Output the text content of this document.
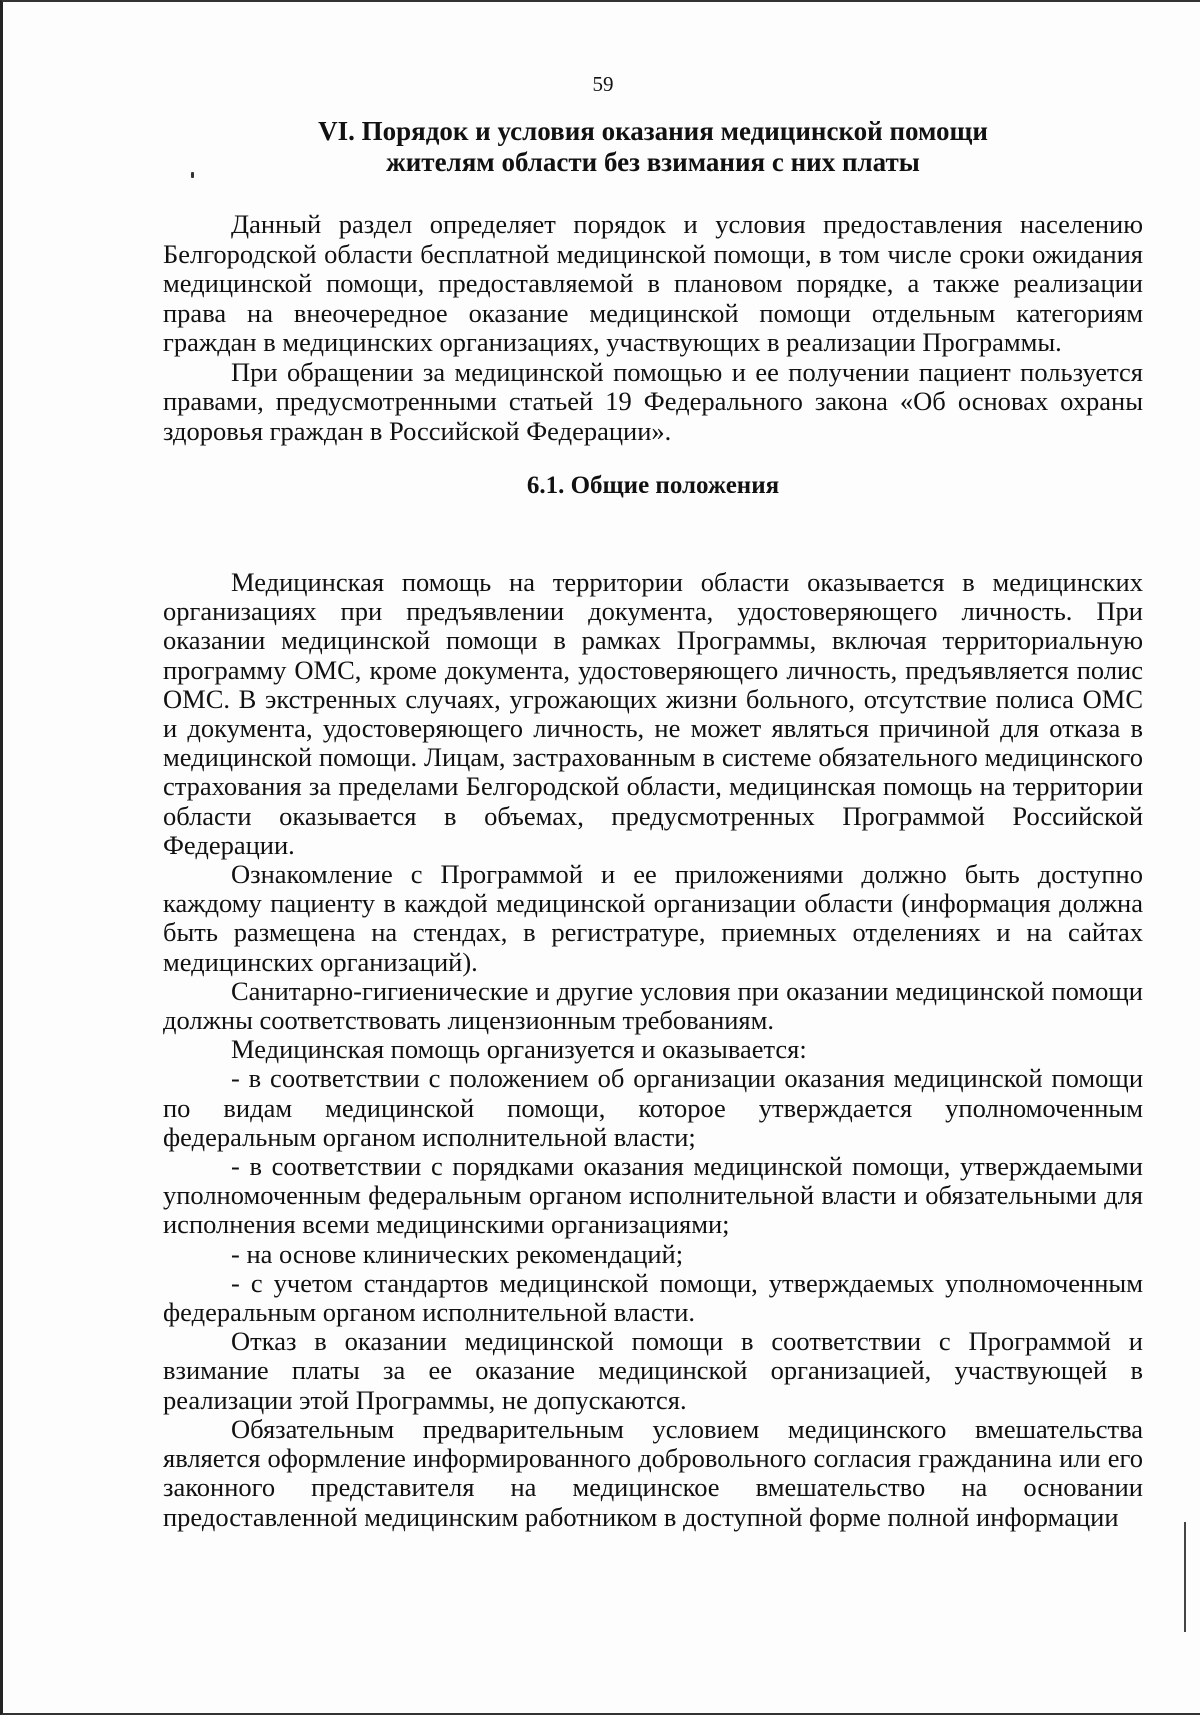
59
VI. Порядок и условия оказания медицинской помощи
жителям области без взимания с них платы

Данный раздел определяет порядок и условия предоставления населению Белгородской области бесплатной медицинской помощи, в том числе сроки ожидания медицинской помощи, предоставляемой в плановом порядке, а также реализации права на внеочередное оказание медицинской помощи отдельным категориям граждан в медицинских организациях, участвующих в реализации Программы.

При обращении за медицинской помощью и ее получении пациент пользуется правами, предусмотренными статьей 19 Федерального закона «Об основах охраны здоровья граждан в Российской Федерации».

6.1. Общие положения

Медицинская помощь на территории области оказывается в медицинских организациях при предъявлении документа, удостоверяющего личность. При оказании медицинской помощи в рамках Программы, включая территориальную программу ОМС, кроме документа, удостоверяющего личность, предъявляется полис ОМС. В экстренных случаях, угрожающих жизни больного, отсутствие полиса ОМС и документа, удостоверяющего личность, не может являться причиной для отказа в медицинской помощи. Лицам, застрахованным в системе обязательного медицинского страхования за пределами Белгородской области, медицинская помощь на территории области оказывается в объемах, предусмотренных Программой Российской Федерации.

Ознакомление с Программой и ее приложениями должно быть доступно каждому пациенту в каждой медицинской организации области (информация должна быть размещена на стендах, в регистратуре, приемных отделениях и на сайтах медицинских организаций).

Санитарно-гигиенические и другие условия при оказании медицинской помощи должны соответствовать лицензионным требованиям.

Медицинская помощь организуется и оказывается:

- в соответствии с положением об организации оказания медицинской помощи по видам медицинской помощи, которое утверждается уполномоченным федеральным органом исполнительной власти;

- в соответствии с порядками оказания медицинской помощи, утверждаемыми уполномоченным федеральным органом исполнительной власти и обязательными для исполнения всеми медицинскими организациями;

- на основе клинических рекомендаций;

- с учетом стандартов медицинской помощи, утверждаемых уполномоченным федеральным органом исполнительной власти.

Отказ в оказании медицинской помощи в соответствии с Программой и взимание платы за ее оказание медицинской организацией, участвующей в реализации этой Программы, не допускаются.

Обязательным предварительным условием медицинского вмешательства является оформление информированного добровольного согласия гражданина или его законного представителя на медицинское вмешательство на основании предоставленной медицинским работником в доступной форме полной информации
